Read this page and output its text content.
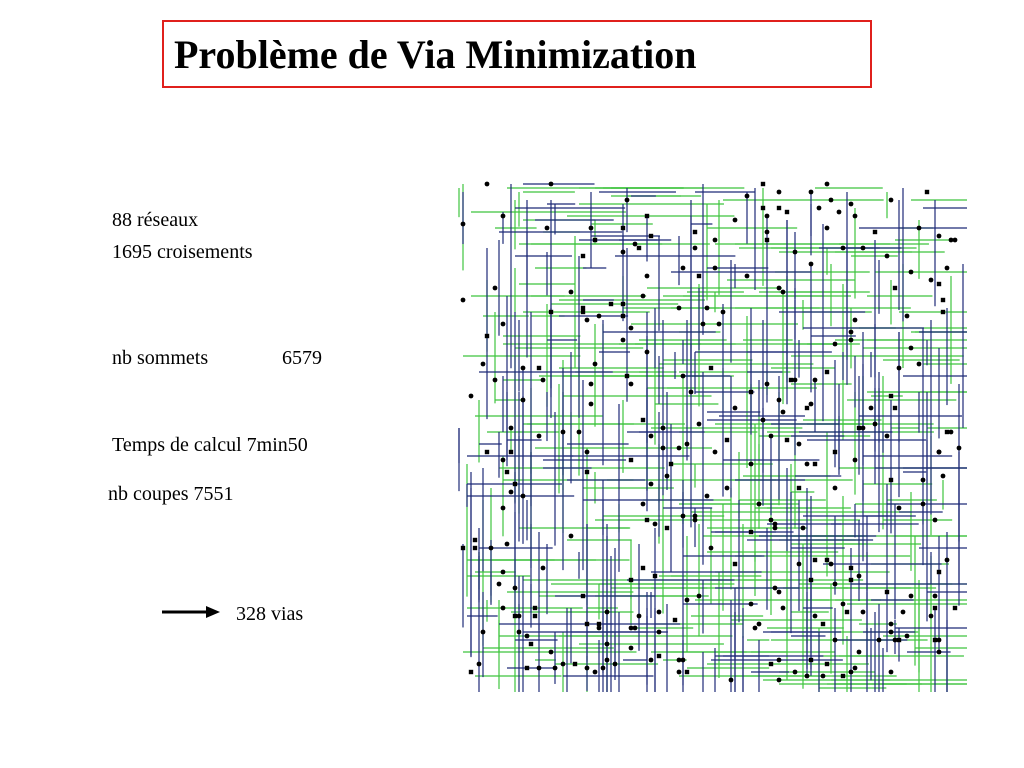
Problème de Via Minimization
88 réseaux
1695 croisements
nb sommets	6579
Temps de calcul 7min50
nb coupes 7551
328 vias
